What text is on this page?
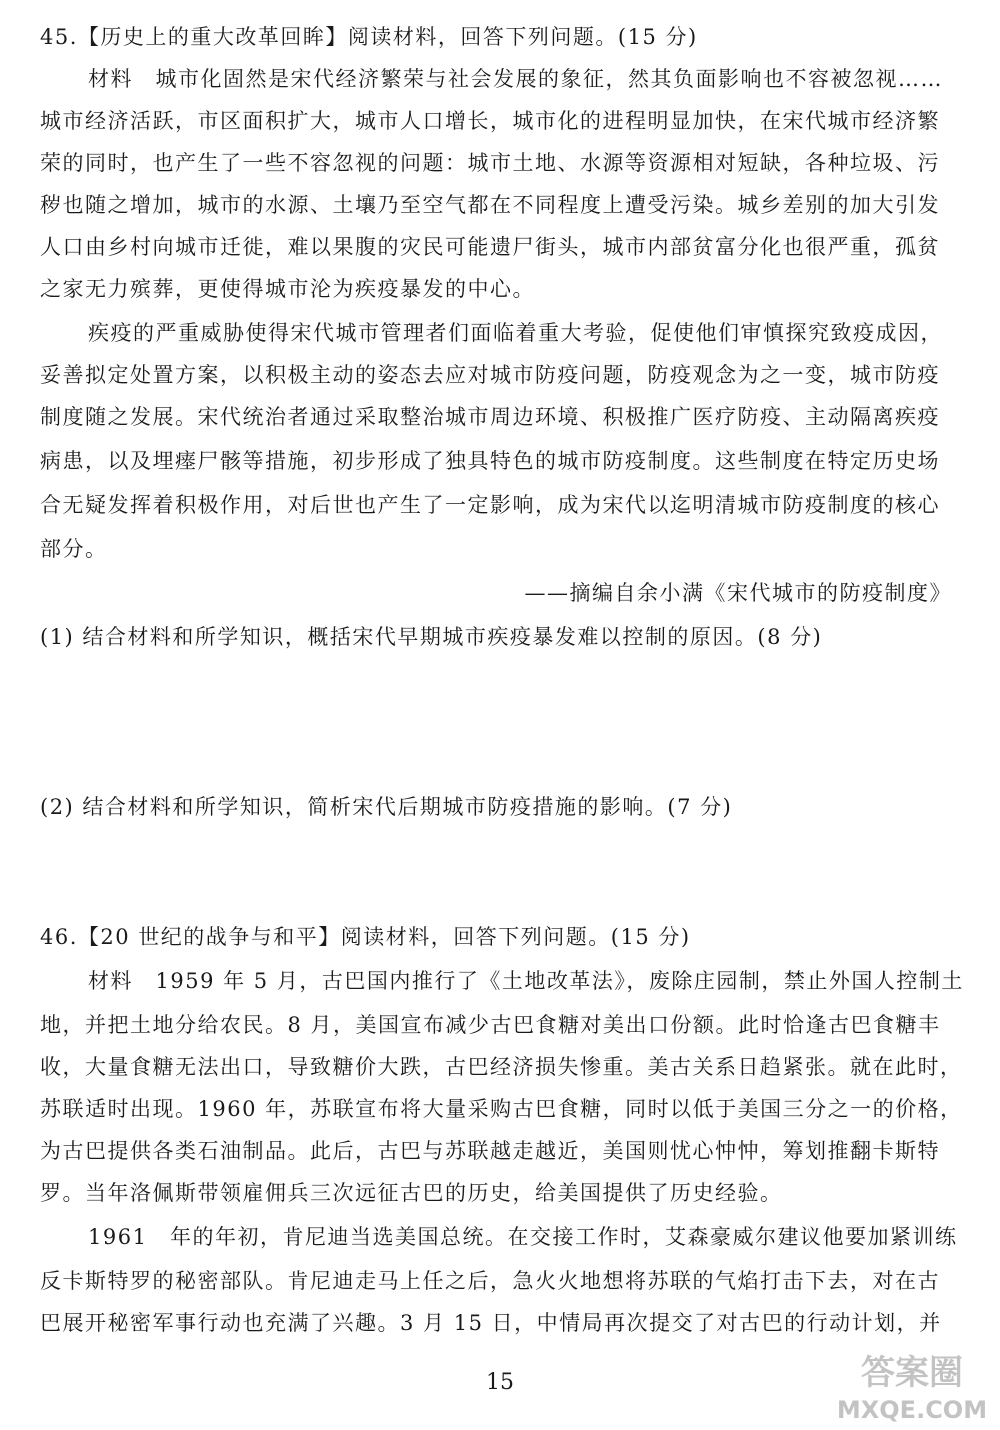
45.【历史上的重大改革回眸】阅读材料，回答下列问题。(15 分)
材料　城市化固然是宋代经济繁荣与社会发展的象征，然其负面影响也不容被忽视……
城市经济活跃，市区面积扩大，城市人口增长，城市化的进程明显加快，在宋代城市经济繁
荣的同时，也产生了一些不容忽视的问题：城市土地、水源等资源相对短缺，各种垃圾、污
秽也随之增加，城市的水源、土壤乃至空气都在不同程度上遭受污染。城乡差别的加大引发
人口由乡村向城市迁徙，难以果腹的灾民可能遗尸街头，城市内部贫富分化也很严重，孤贫
之家无力殡葬，更使得城市沦为疾疫暴发的中心。
疾疫的严重威胁使得宋代城市管理者们面临着重大考验，促使他们审慎探究致疫成因，
妥善拟定处置方案，以积极主动的姿态去应对城市防疫问题，防疫观念为之一变，城市防疫
制度随之发展。宋代统治者通过采取整治城市周边环境、积极推广医疗防疫、主动隔离疾疫
病患，以及埋瘗尸骸等措施，初步形成了独具特色的城市防疫制度。这些制度在特定历史场
合无疑发挥着积极作用，对后世也产生了一定影响，成为宋代以迄明清城市防疫制度的核心
部分。
——摘编自余小满《宋代城市的防疫制度》
(1) 结合材料和所学知识，概括宋代早期城市疾疫暴发难以控制的原因。(8 分)
(2) 结合材料和所学知识，简析宋代后期城市防疫措施的影响。(7 分)
46.【20 世纪的战争与和平】阅读材料，回答下列问题。(15 分)
材料　1959 年 5 月，古巴国内推行了《土地改革法》，废除庄园制，禁止外国人控制土
地，并把土地分给农民。8 月，美国宣布减少古巴食糖对美出口份额。此时恰逢古巴食糖丰
收，大量食糖无法出口，导致糖价大跌，古巴经济损失惨重。美古关系日趋紧张。就在此时，
苏联适时出现。1960 年，苏联宣布将大量采购古巴食糖，同时以低于美国三分之一的价格，
为古巴提供各类石油制品。此后，古巴与苏联越走越近，美国则忧心忡忡，筹划推翻卡斯特
罗。当年洛佩斯带领雇佣兵三次远征古巴的历史，给美国提供了历史经验。
1961　年的年初，肯尼迪当选美国总统。在交接工作时，艾森豪威尔建议他要加紧训练
反卡斯特罗的秘密部队。肯尼迪走马上任之后，急火火地想将苏联的气焰打击下去，对在古
巴展开秘密军事行动也充满了兴趣。3 月 15 日，中情局再次提交了对古巴的行动计划，并
15	答案圈
MXQE.COM
